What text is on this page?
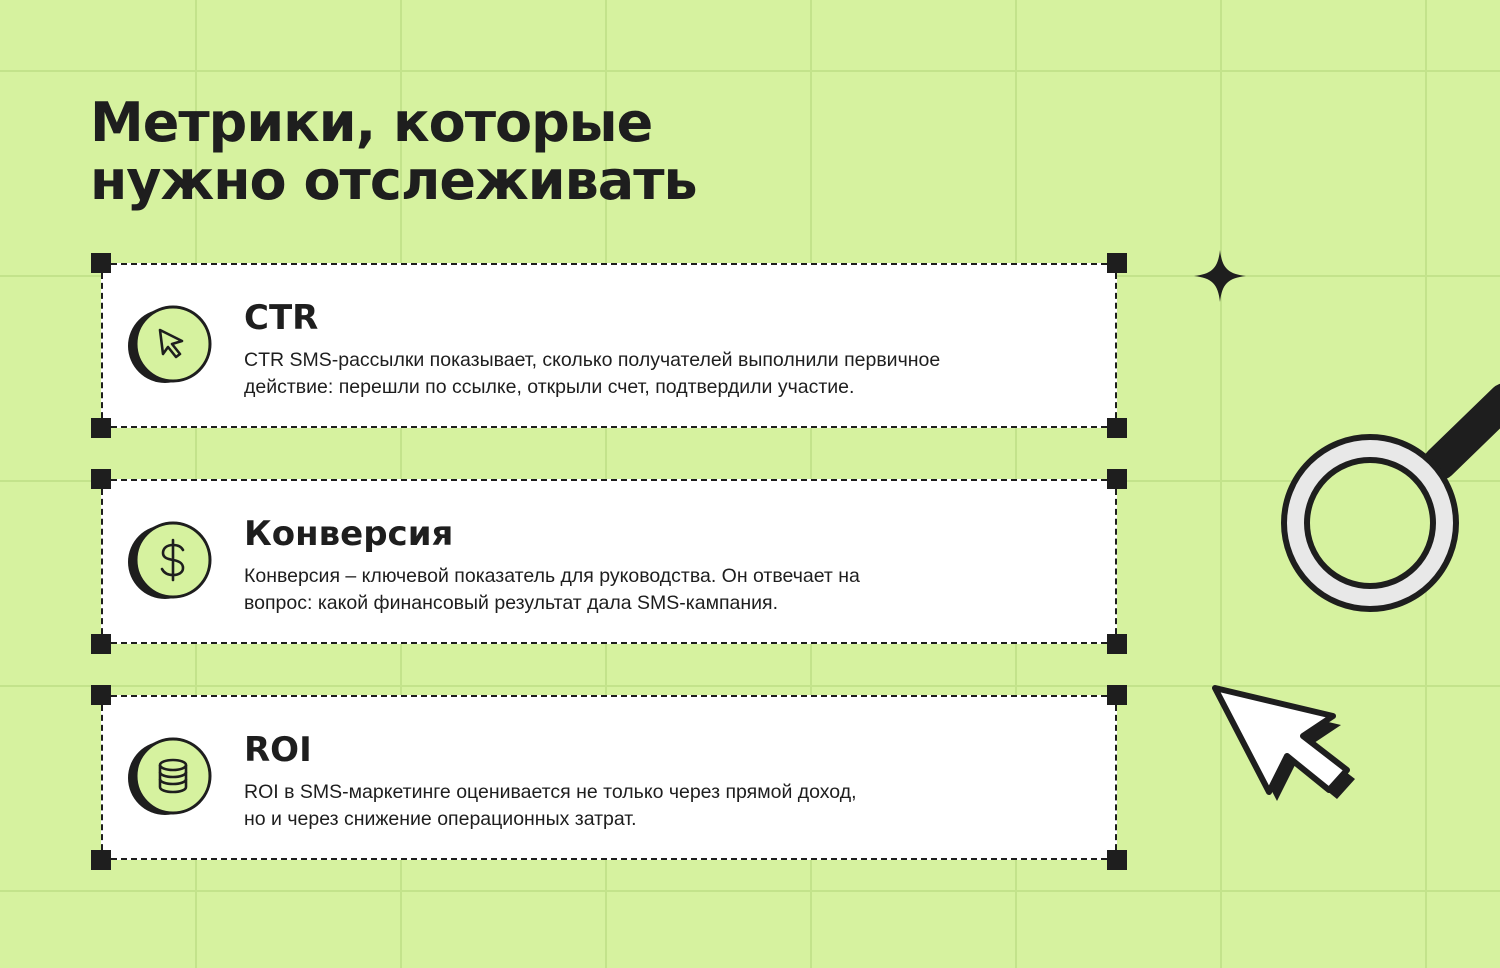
Метрики, которые
нужно отслеживать
CTR

CTR SMS-рассылки показывает, сколько получателей выполнили первичное
действие: перешли по ссылке, открыли счет, подтвердили участие.

Конверсия

Конверсия – ключевой показатель для руководства. Он отвечает на
вопрос: какой финансовый результат дала SMS-кампания.

ROI

ROI в SMS-маркетинге оценивается не только через прямой доход,
но и через снижение операционных затрат.
